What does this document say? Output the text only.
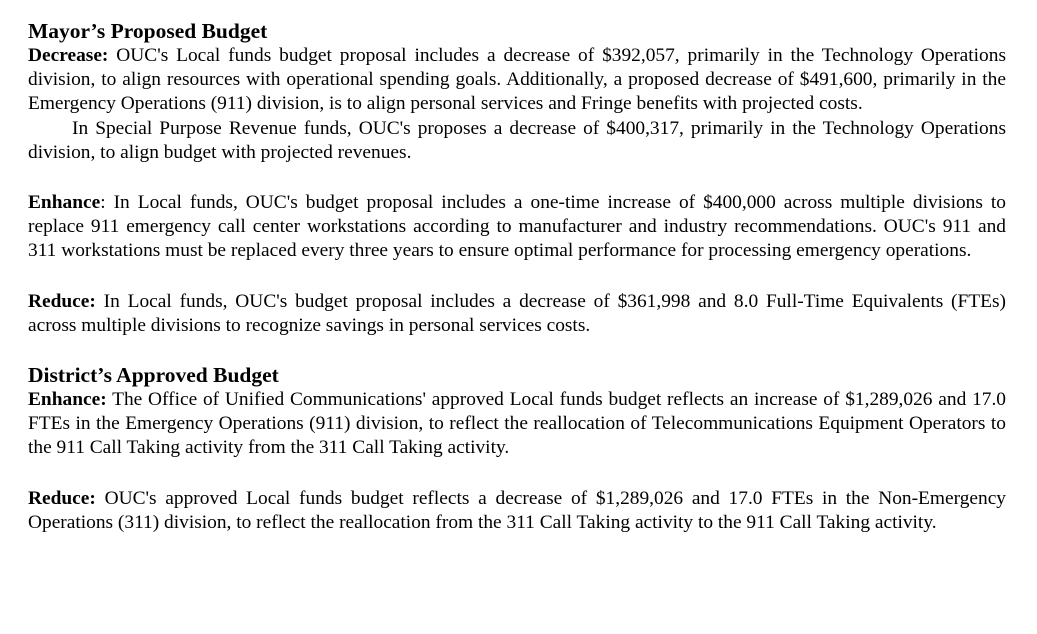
Mayor’s Proposed Budget

Decrease: OUC's Local funds budget proposal includes a decrease of $392,057, primarily in the Technology Operations division, to align resources with operational spending goals. Additionally, a proposed decrease of $491,600, primarily in the Emergency Operations (911) division, is to align personal services and Fringe benefits with projected costs.

In Special Purpose Revenue funds, OUC's proposes a decrease of $400,317, primarily in the Technology Operations division, to align budget with projected revenues.

Enhance: In Local funds, OUC's budget proposal includes a one-time increase of $400,000 across multiple divisions to replace 911 emergency call center workstations according to manufacturer and industry recommendations. OUC's 911 and 311 workstations must be replaced every three years to ensure optimal performance for processing emergency operations.

Reduce: In Local funds, OUC's budget proposal includes a decrease of $361,998 and 8.0 Full-Time Equivalents (FTEs) across multiple divisions to recognize savings in personal services costs.

District’s Approved Budget

Enhance: The Office of Unified Communications' approved Local funds budget reflects an increase of $1,289,026 and 17.0 FTEs in the Emergency Operations (911) division, to reflect the reallocation of Telecommunications Equipment Operators to the 911 Call Taking activity from the 311 Call Taking activity.

Reduce: OUC's approved Local funds budget reflects a decrease of $1,289,026 and 17.0 FTEs in the Non-Emergency Operations (311) division, to reflect the reallocation from the 311 Call Taking activity to the 911 Call Taking activity.
